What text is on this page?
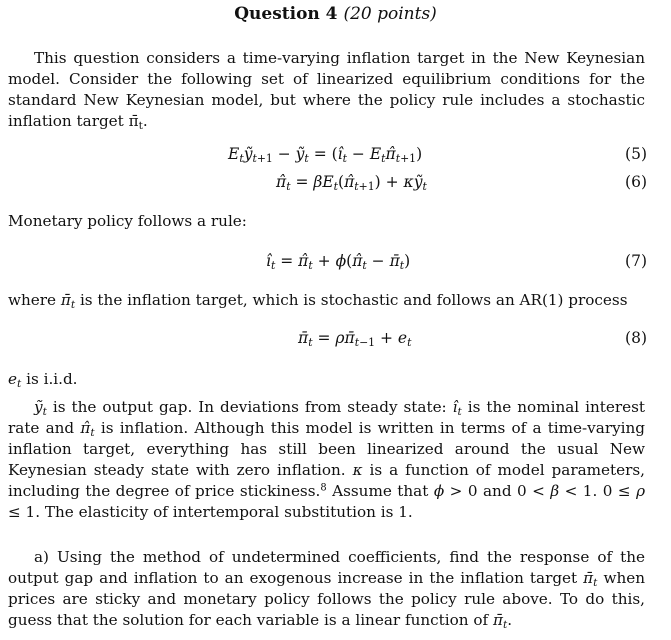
Question 4 (20 points)

This question considers a time-varying inflation target in the New Keynesian model. Consider the following set of linearized equilibrium conditions for the standard New Keynesian model, but where the policy rule includes a stochastic inflation target $\pī_t$.

$E_tỹ_{t+1}$ − ỹ$_t$ = ($î_t$ − $E_t\pî_{t+1}$)	(5)
$\pî_t$ = $\beta E_t(\pî_{t+1})$ + κỹ$_t$	(6)

Monetary policy follows a rule:

$î_t$ = $\pî_t$ + $\phi(\pî_t$ − $\pī_t$)	(7)

where $\pī_t$ is the inflation target, which is stochastic and follows an AR(1) process

$\pī_t$ = $\rho\pī_{t-1} + e_t$	(8)

$e_t$ is i.i.d.

ỹ$_t$ is the output gap. In deviations from steady state: $î_t$ is the nominal interest rate and $\pî_t$ is inflation. Although this model is written in terms of a time-varying inflation target, everything has still been linearized around the usual New Keynesian steady state with zero inflation. κ is a function of model parameters, including the degree of price stickiness.$^8$ Assume that ϕ > 0 and 0 < β < 1. 0 ≤ ρ ≤ 1. The elasticity of intertemporal substitution is 1.

a) Using the method of undetermined coefficients, find the response of the output gap and inflation to an exogenous increase in the inflation target $\pī_t$ when prices are sticky and monetary policy follows the policy rule above. To do this, guess that the solution for each variable is a linear function of $\pī_t$.
